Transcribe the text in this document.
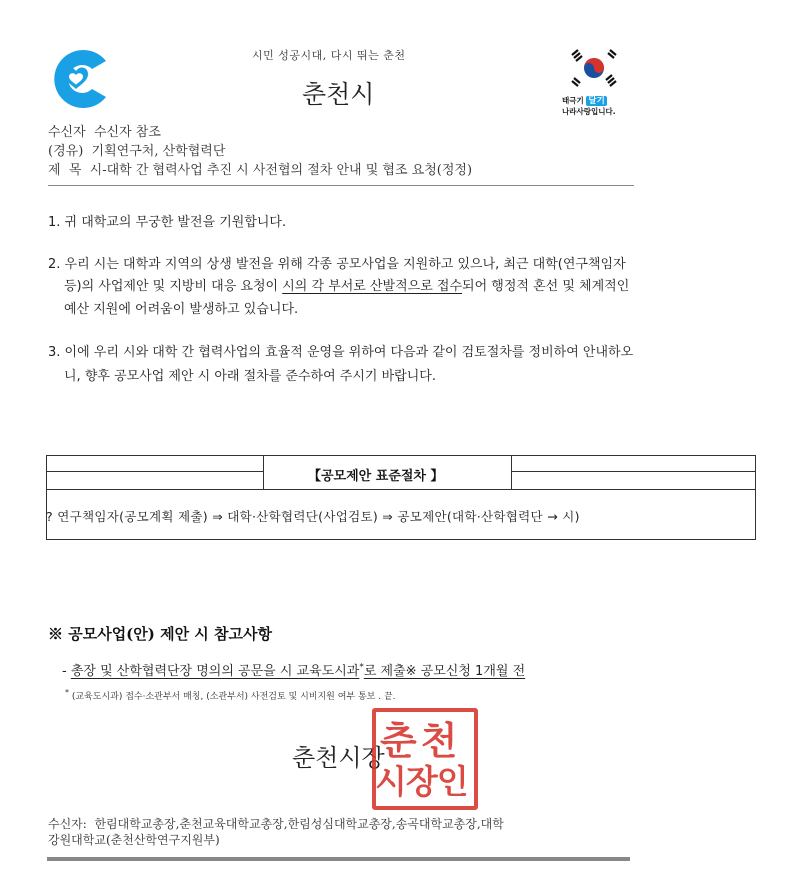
시민 성공시대, 다시 뛰는 춘천
춘천시	태극기 달기
나라사랑입니다.
수신자 수신자 참조
(경유) 기획연구처, 산학협력단
제  목 시-대학 간 협력사업 추진 시 사전협의 절차 안내 및 협조 요청(정정)
1. 귀 대학교의 무궁한 발전을 기원합니다.
2. 우리 시는 대학과 지역의 상생 발전을 위해 각종 공모사업을 지원하고 있으나, 최근 대학(연구책임자
등)의 사업제안 및 지방비 대응 요청이 시의 각 부서로 산발적으로 접수되어 행정적 혼선 및 체계적인
예산 지원에 어려움이 발생하고 있습니다.
3. 이에 우리 시와 대학 간 협력사업의 효율적 운영을 위하여 다음과 같이 검토절차를 정비하여 안내하오
니, 향후 공모사업 제안 시 아래 절차를 준수하여 주시기 바랍니다.
【공모제안 표준절차 】
? 연구책임자(공모계획 제출) ⇒ 대학·산학협력단(사업검토) ⇒ 공모제안(대학·산학협력단 → 시)
※ 공모사업(안) 제안 시 참고사항
- 총장 및 산학협력단장 명의의 공문을 시 교육도시과*로 제출※ 공모신청 1개월 전
* (교육도시과) 접수·소관부서 매칭, (소관부서) 사전검토 및 시비지원 여부 통보 . 끝.
춘천시장
춘천
시장인
수신자: 한림대학교총장,춘천교육대학교총장,한림성심대학교총장,송곡대학교총장,대학
강원대학교(춘천산학연구지원부)
